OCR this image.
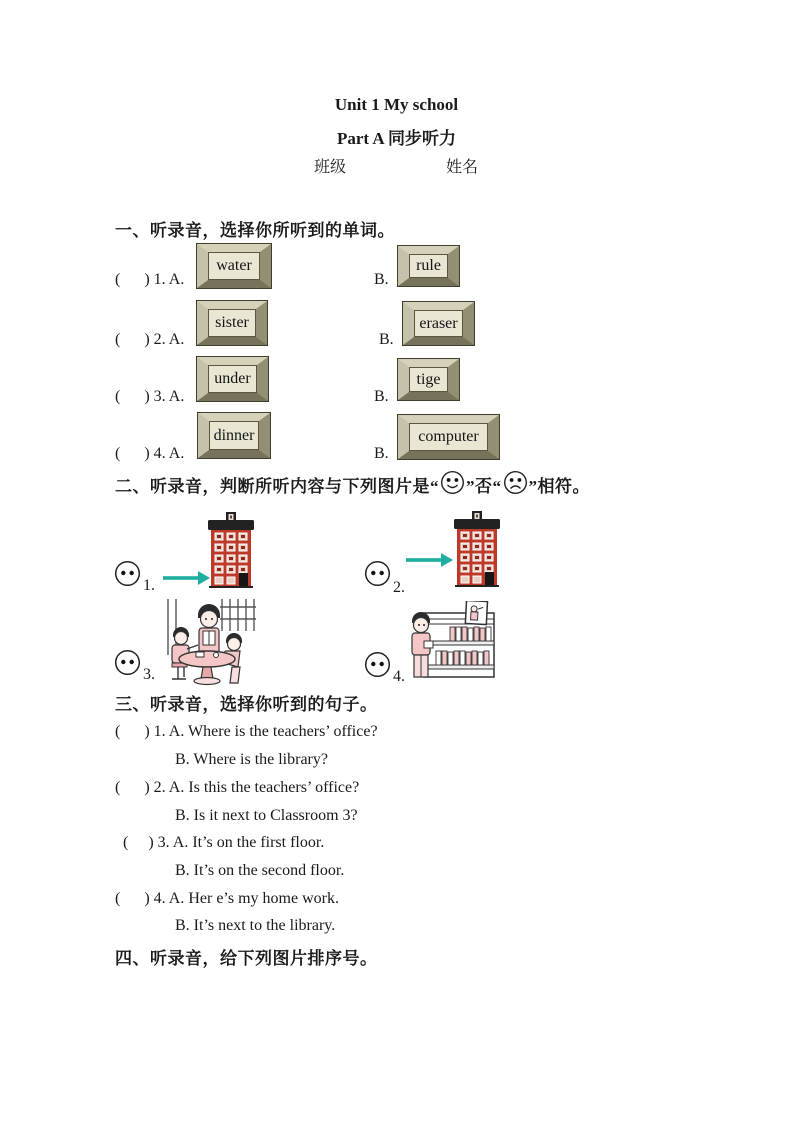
Unit 1 My school
Part A 同步听力
班级	姓名
一、听录音，选择你所听到的单词。
(      ) 1. A.
water
B.
rule
(      ) 2. A.
sister
B.
eraser
(      ) 3. A.
under
B.
tige
(      ) 4. A.
dinner
B.
computer
二、听录音，判断所听内容与下列图片是“ ”否“ ”相符。
1.	2.
3.	4.
三、听录音，选择你听到的句子。
(      ) 1. A. Where is the teachers’ office?
B. Where is the library?
(      ) 2. A. Is this the teachers’ office?
B. Is it next to Classroom 3?
(     ) 3. A. It’s on the first floor.
B. It’s on the second floor.
(      ) 4. A. Her e’s my home work.
B. It’s next to the library.
四、听录音，给下列图片排序号。
